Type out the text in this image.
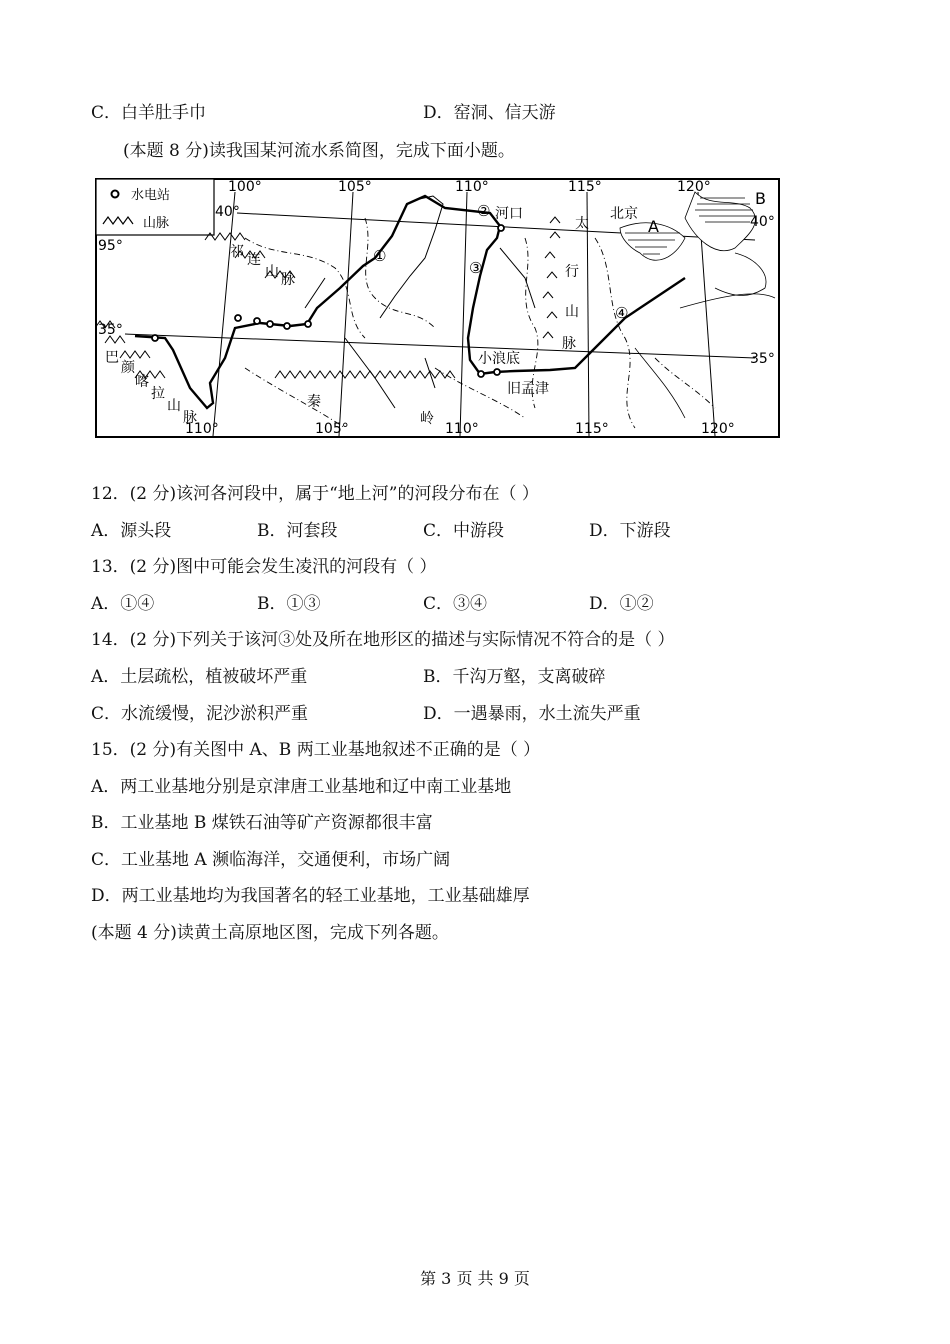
C．白羊肚手巾	D．窑洞、信天游
(本题 8 分)读我国某河流水系简图，完成下面小题。
水电站
山脉
100°	105°	110°	115°	120°
110°	105°	110°	115°	120°
40°
95°
35°
35°
40°
河口	北京
太
行
山
脉
小浪底
旧孟津
秦
岭
祁 连
山 脉
巴
颜
喀
拉
山
脉
A
B
②
①
③
④
12．(2 分)该河各河段中，属于“地上河”的河段分布在（ ）
A．源头段	B．河套段	C．中游段	D．下游段
13．(2 分)图中可能会发生凌汛的河段有（ ）
A．①④	B．①③	C．③④	D．①②
14．(2 分)下列关于该河③处及所在地形区的描述与实际情况不符合的是（ ）
A．土层疏松，植被破坏严重	B．千沟万壑，支离破碎
C．水流缓慢，泥沙淤积严重	D．一遇暴雨，水土流失严重
15．(2 分)有关图中 A、B 两工业基地叙述不正确的是（ ）
A．两工业基地分别是京津唐工业基地和辽中南工业基地
B．工业基地 B 煤铁石油等矿产资源都很丰富
C．工业基地 A 濒临海洋，交通便利，市场广阔
D．两工业基地均为我国著名的轻工业基地，工业基础雄厚
(本题 4 分)读黄土高原地区图，完成下列各题。
第 3 页 共 9 页
